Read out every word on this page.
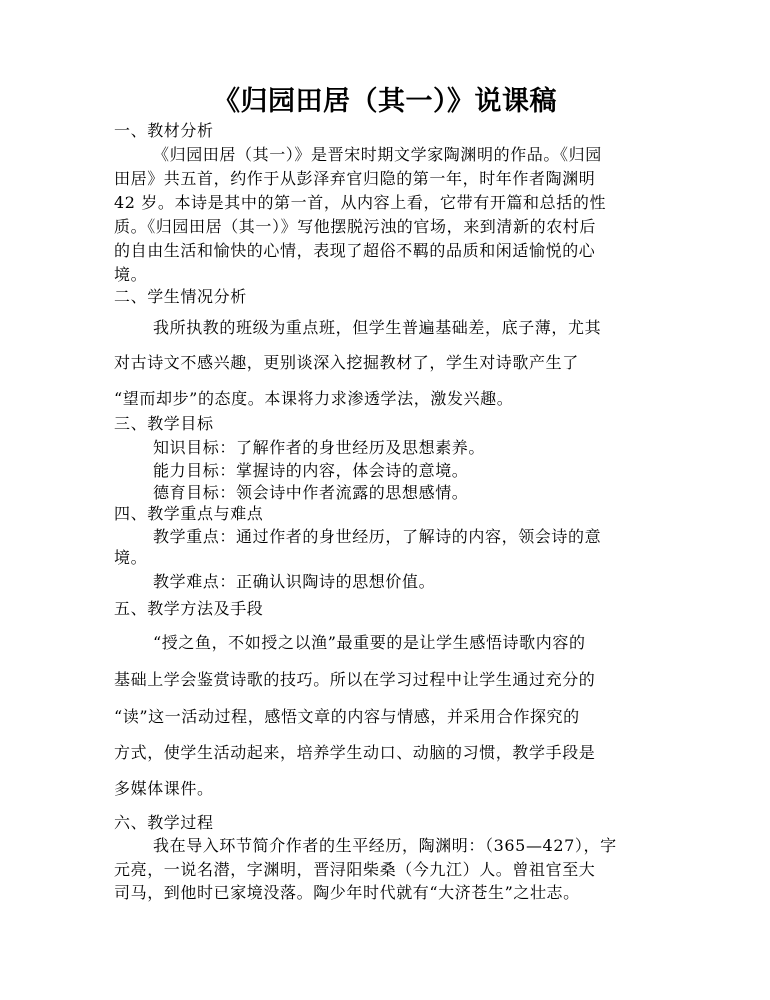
《归园田居（其一）》说课稿
一、教材分析
《归园田居（其一）》是晋宋时期文学家陶渊明的作品。《归园
田居》共五首，约作于从彭泽弃官归隐的第一年，时年作者陶渊明
42 岁。本诗是其中的第一首，从内容上看，它带有开篇和总括的性
质。《归园田居（其一）》写他摆脱污浊的官场，来到清新的农村后
的自由生活和愉快的心情，表现了超俗不羁的品质和闲适愉悦的心
境。
二、学生情况分析
我所执教的班级为重点班，但学生普遍基础差，底子薄，尤其
对古诗文不感兴趣，更别谈深入挖掘教材了，学生对诗歌产生了
“望而却步”的态度。本课将力求渗透学法，激发兴趣。
三、教学目标
知识目标：了解作者的身世经历及思想素养。
能力目标：掌握诗的内容，体会诗的意境。
德育目标：领会诗中作者流露的思想感情。
四、教学重点与难点
教学重点：通过作者的身世经历，了解诗的内容，领会诗的意
境。
教学难点：正确认识陶诗的思想价值。
五、教学方法及手段
“授之鱼，不如授之以渔”最重要的是让学生感悟诗歌内容的
基础上学会鉴赏诗歌的技巧。所以在学习过程中让学生通过充分的
“读”这一活动过程，感悟文章的内容与情感，并采用合作探究的
方式，使学生活动起来，培养学生动口、动脑的习惯，教学手段是
多媒体课件。
六、教学过程
我在导入环节简介作者的生平经历，陶渊明：（365—427），字
元亮，一说名潜，字渊明，晋浔阳柴桑（今九江）人。曾祖官至大
司马，到他时已家境没落。陶少年时代就有“大济苍生”之壮志。
